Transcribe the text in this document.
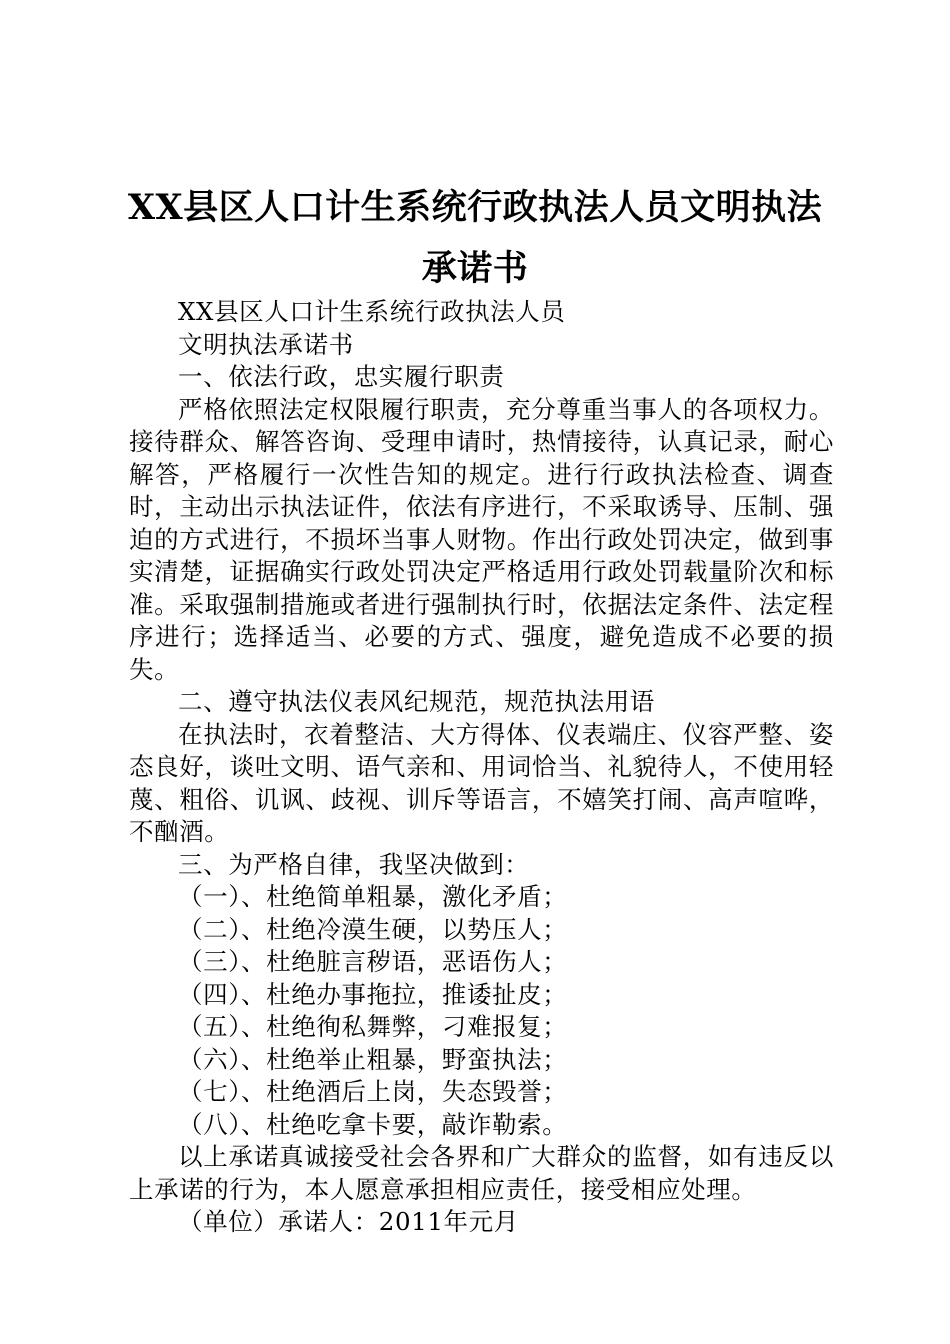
XX县区人口计生系统行政执法人员文明执法
承诺书

XX县区人口计生系统行政执法人员

文明执法承诺书

一、依法行政，忠实履行职责

严格依照法定权限履行职责，充分尊重当事人的各项权力。接待群众、解答咨询、受理申请时，热情接待，认真记录，耐心解答，严格履行一次性告知的规定。进行行政执法检查、调查时，主动出示执法证件，依法有序进行，不采取诱导、压制、强迫的方式进行，不损坏当事人财物。作出行政处罚决定，做到事实清楚，证据确实行政处罚决定严格适用行政处罚载量阶次和标准。采取强制措施或者进行强制执行时，依据法定条件、法定程序进行；选择适当、必要的方式、强度，避免造成不必要的损失。

二、遵守执法仪表风纪规范，规范执法用语

在执法时，衣着整洁、大方得体、仪表端庄、仪容严整、姿态良好，谈吐文明、语气亲和、用词恰当、礼貌待人，不使用轻蔑、粗俗、讥讽、歧视、训斥等语言，不嬉笑打闹、高声喧哗，不酗酒。

三、为严格自律，我坚决做到：

（一）、杜绝简单粗暴，激化矛盾；

（二）、杜绝冷漠生硬，以势压人；

（三）、杜绝脏言秽语，恶语伤人；

（四）、杜绝办事拖拉，推诿扯皮；

（五）、杜绝徇私舞弊，刁难报复；

（六）、杜绝举止粗暴，野蛮执法；

（七）、杜绝酒后上岗，失态毁誉；

（八）、杜绝吃拿卡要，敲诈勒索。

以上承诺真诚接受社会各界和广大群众的监督，如有违反以上承诺的行为，本人愿意承担相应责任，接受相应处理。

（单位）承诺人：2011年元月
